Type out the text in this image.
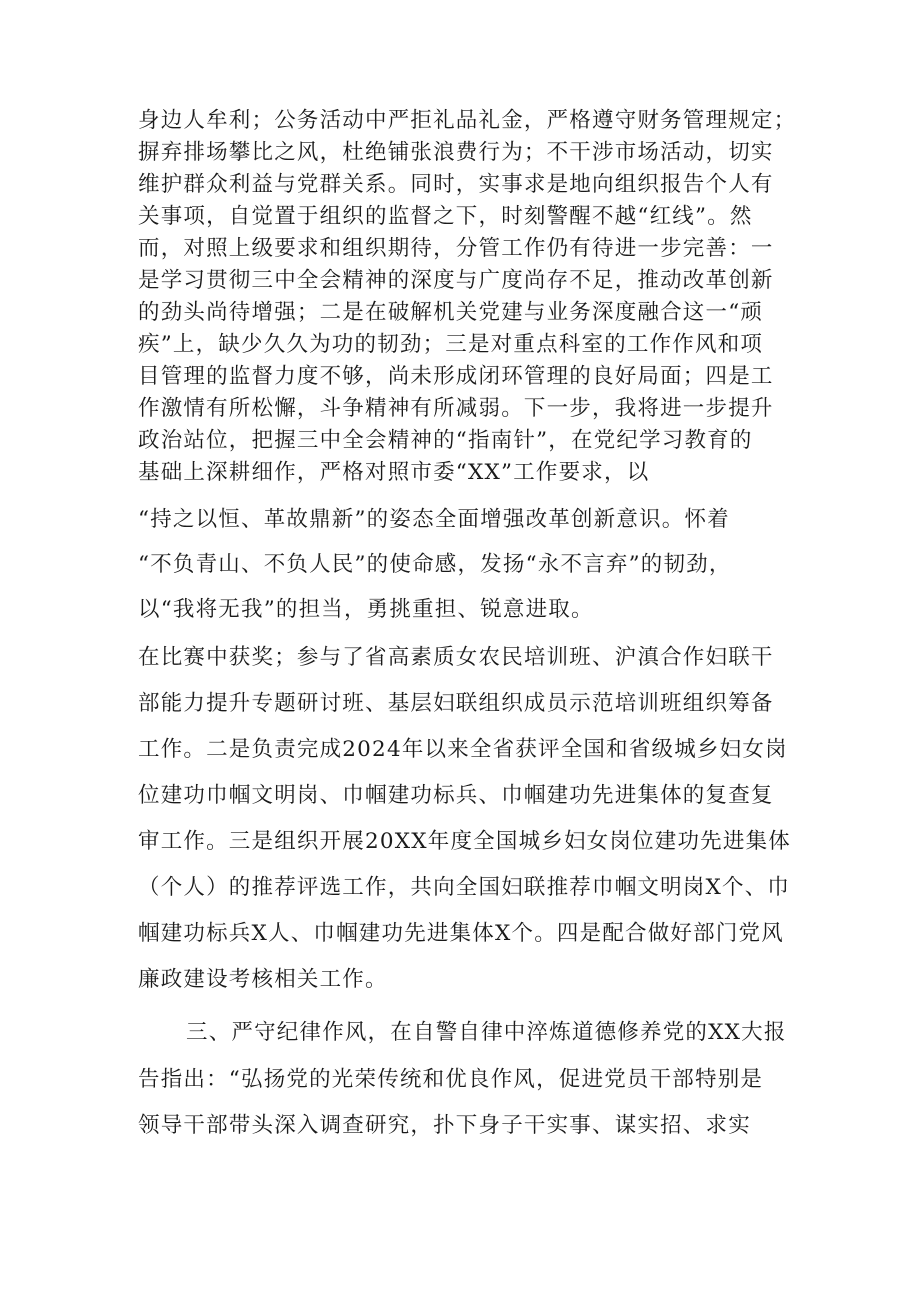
身边人牟利；公务活动中严拒礼品礼金，严格遵守财务管理规定；

摒弃排场攀比之风，杜绝铺张浪费行为；不干涉市场活动，切实

维护群众利益与党群关系。同时，实事求是地向组织报告个人有

关事项，自觉置于组织的监督之下，时刻警醒不越“红线”。然

而，对照上级要求和组织期待，分管工作仍有待进一步完善：一

是学习贯彻三中全会精神的深度与广度尚存不足，推动改革创新

的劲头尚待增强；二是在破解机关党建与业务深度融合这一“顽

疾”上，缺少久久为功的韧劲；三是对重点科室的工作作风和项

目管理的监督力度不够，尚未形成闭环管理的良好局面；四是工

作激情有所松懈，斗争精神有所减弱。下一步，我将进一步提升

政治站位，把握三中全会精神的“指南针”，在党纪学习教育的

基础上深耕细作，严格对照市委“XX”工作要求，以

“持之以恒、革故鼎新”的姿态全面增强改革创新意识。怀着

“不负青山、不负人民”的使命感，发扬“永不言弃”的韧劲，

以“我将无我”的担当，勇挑重担、锐意进取。

在比赛中获奖；参与了省高素质女农民培训班、沪滇合作妇联干

部能力提升专题研讨班、基层妇联组织成员示范培训班组织筹备

工作。二是负责完成2024年以来全省获评全国和省级城乡妇女岗

位建功巾帼文明岗、巾帼建功标兵、巾帼建功先进集体的复查复

审工作。三是组织开展20XX年度全国城乡妇女岗位建功先进集体

（个人）的推荐评选工作，共向全国妇联推荐巾帼文明岗X个、巾

帼建功标兵X人、巾帼建功先进集体X个。四是配合做好部门党风

廉政建设考核相关工作。

三、严守纪律作风，在自警自律中淬炼道德修养党的XX大报

告指出：“弘扬党的光荣传统和优良作风，促进党员干部特别是

领导干部带头深入调查研究，扑下身子干实事、谋实招、求实
